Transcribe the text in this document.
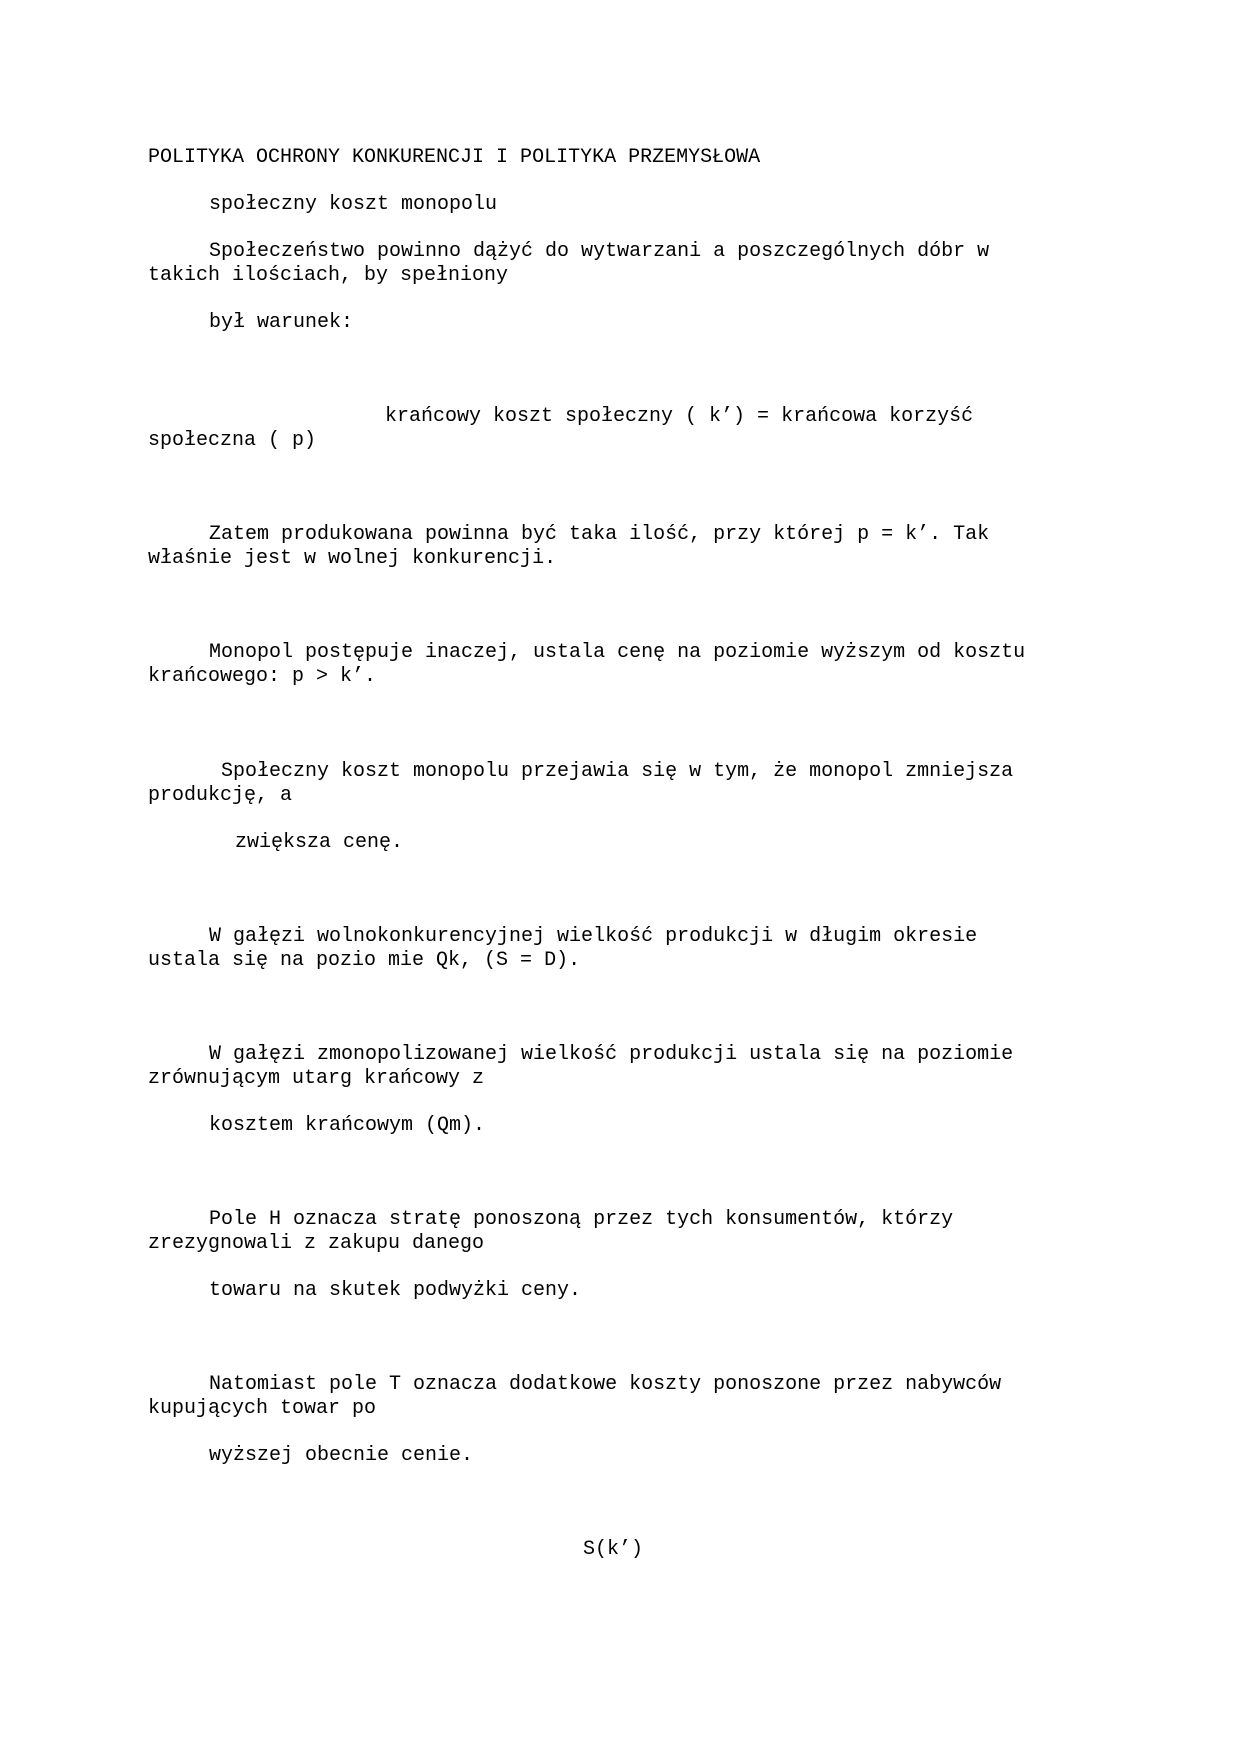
POLITYKA OCHRONY KONKURENCJI I POLITYKA PRZEMYSŁOWA

społeczny koszt monopolu

Społeczeństwo powinno dążyć do wytwarzani a poszczególnych dóbr w

takich ilościach, by spełniony

był warunek:

krańcowy koszt społeczny ( k’) = krańcowa korzyść

społeczna ( p)

Zatem produkowana powinna być taka ilość, przy której p = k’. Tak

właśnie jest w wolnej konkurencji.

Monopol postępuje inaczej, ustala cenę na poziomie wyższym od kosztu

krańcowego: p > k’.

Społeczny koszt monopolu przejawia się w tym, że monopol zmniejsza

produkcję, a

zwiększa cenę.

W gałęzi wolnokonkurencyjnej wielkość produkcji w długim okresie

ustala się na pozio mie Qk, (S = D).

W gałęzi zmonopolizowanej wielkość produkcji ustala się na poziomie

zrównującym utarg krańcowy z

kosztem krańcowym (Qm).

Pole H oznacza stratę ponoszoną przez tych konsumentów, którzy

zrezygnowali z zakupu danego

towaru na skutek podwyżki ceny.

Natomiast pole T oznacza dodatkowe koszty ponoszone przez nabywców

kupujących towar po

wyższej obecnie cenie.

S(k’)
